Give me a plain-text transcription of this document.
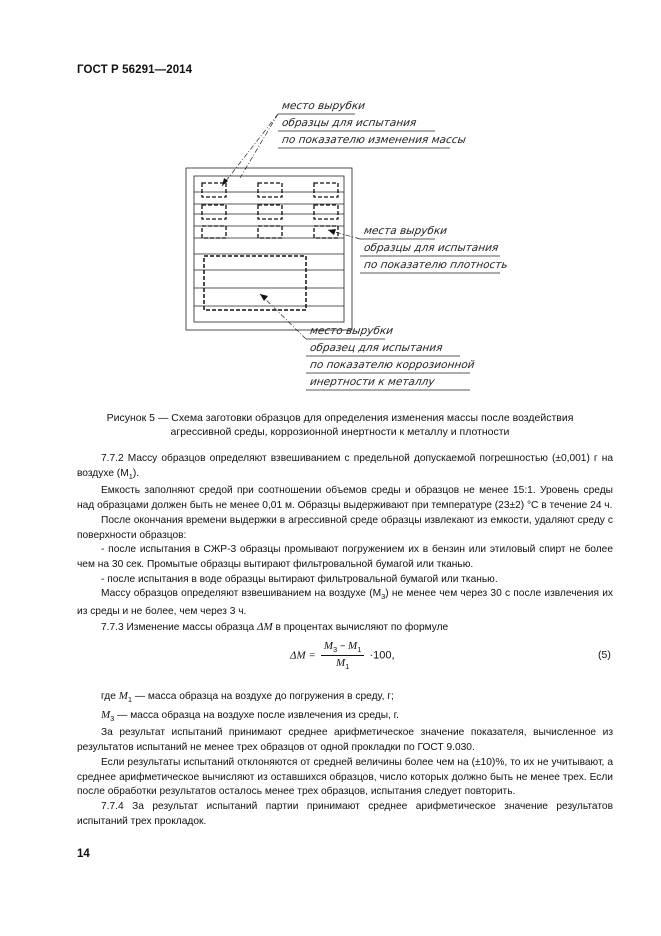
ГОСТ Р 56291—2014
место вырубки
образцы для испытания
по показателю изменения массы
места вырубки
образцы для испытания
по показателю плотность
место вырубки
образец для испытания
по показателю коррозионной
инертности к металлу
Рисунок 5 — Схема заготовки образцов для определения изменения массы после воздействия
агрессивной среды, коррозионной инертности к металлу и плотности

7.7.2 Массу образцов определяют взвешиванием с предельной допускаемой погрешностью (±0,001) г на воздухе $(M_1)$.

Емкость заполняют средой при соотношении объемов среды и образцов не менее 15:1. Уровень среды над образцами должен быть не менее 0,01 м. Образцы выдерживают при температуре (23±2) °С в течение 24 ч.

После окончания времени выдержки в агрессивной среде образцы извлекают из емкости, удаляют среду с поверхности образцов:

- после испытания в СЖР-3 образцы промывают погружением их в бензин или этиловый спирт не более чем на 30 сек. Промытые образцы вытирают фильтровальной бумагой или тканью.

- после испытания в воде образцы вытирают фильтровальной бумагой или тканью.

Массу образцов определяют взвешиванием на воздухе $(M_3)$ не менее чем через 30 с после извлечения их из среды и не более, чем через 3 ч.

7.7.3 Изменение массы образца ΔM в процентах вычисляют по формуле

$\Delta M = \frac{M_3 - M_1}{M_1} \cdot 100$,	(5)

где $M_1$ — масса образца на воздухе до погружения в среду, г;

$M_3$ — масса образца на воздухе после извлечения из среды, г.

За результат испытаний принимают среднее арифметическое значение показателя, вычисленное из результатов испытаний не менее трех образцов от одной прокладки по ГОСТ 9.030.

Если результаты испытаний отклоняются от средней величины более чем на (±10)%, то их не учитывают, а среднее арифметическое вычисляют из оставшихся образцов, число которых должно быть не менее трех. Если после обработки результатов осталось менее трех образцов, испытания следует повторить.

7.7.4 За результат испытаний партии принимают среднее арифметическое значение результатов испытаний трех прокладок.

14
